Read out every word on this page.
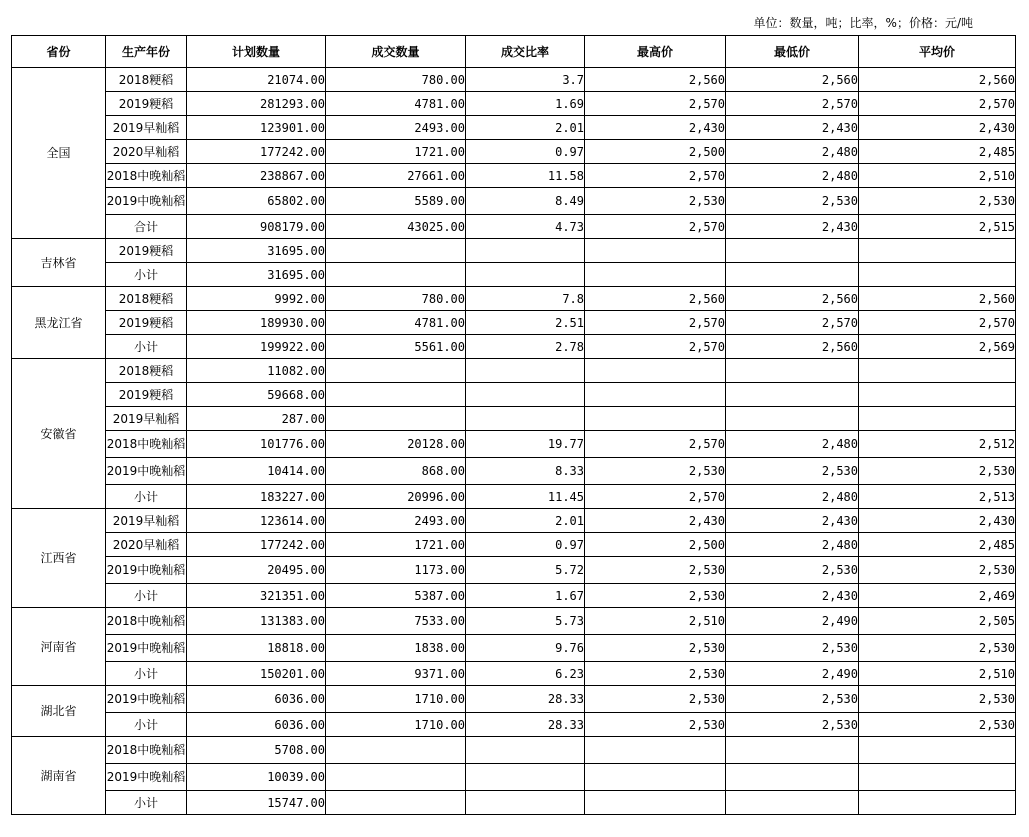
单位：数量，吨；比率，%；价格：元/吨
省份	生产年份	计划数量	成交数量	成交比率	最高价	最低价	平均价
全国	2018粳稻	21074.00	780.00	3.7	2,560	2,560	2,560
	2019粳稻	281293.00	4781.00	1.69	2,570	2,570	2,570
	2019早籼稻	123901.00	2493.00	2.01	2,430	2,430	2,430
	2020早籼稻	177242.00	1721.00	0.97	2,500	2,480	2,485
	2018中晚籼稻	238867.00	27661.00	11.58	2,570	2,480	2,510
	2019中晚籼稻	65802.00	5589.00	8.49	2,530	2,530	2,530
	合计	908179.00	43025.00	4.73	2,570	2,430	2,515
吉林省	2019粳稻	31695.00					
	小计	31695.00					
黑龙江省	2018粳稻	9992.00	780.00	7.8	2,560	2,560	2,560
	2019粳稻	189930.00	4781.00	2.51	2,570	2,570	2,570
	小计	199922.00	5561.00	2.78	2,570	2,560	2,569
安徽省	2018粳稻	11082.00					
	2019粳稻	59668.00					
	2019早籼稻	287.00					
	2018中晚籼稻	101776.00	20128.00	19.77	2,570	2,480	2,512
	2019中晚籼稻	10414.00	868.00	8.33	2,530	2,530	2,530
	小计	183227.00	20996.00	11.45	2,570	2,480	2,513
江西省	2019早籼稻	123614.00	2493.00	2.01	2,430	2,430	2,430
	2020早籼稻	177242.00	1721.00	0.97	2,500	2,480	2,485
	2019中晚籼稻	20495.00	1173.00	5.72	2,530	2,530	2,530
	小计	321351.00	5387.00	1.67	2,530	2,430	2,469
河南省	2018中晚籼稻	131383.00	7533.00	5.73	2,510	2,490	2,505
	2019中晚籼稻	18818.00	1838.00	9.76	2,530	2,530	2,530
	小计	150201.00	9371.00	6.23	2,530	2,490	2,510
湖北省	2019中晚籼稻	6036.00	1710.00	28.33	2,530	2,530	2,530
	小计	6036.00	1710.00	28.33	2,530	2,530	2,530
湖南省	2018中晚籼稻	5708.00					
	2019中晚籼稻	10039.00					
	小计	15747.00					
